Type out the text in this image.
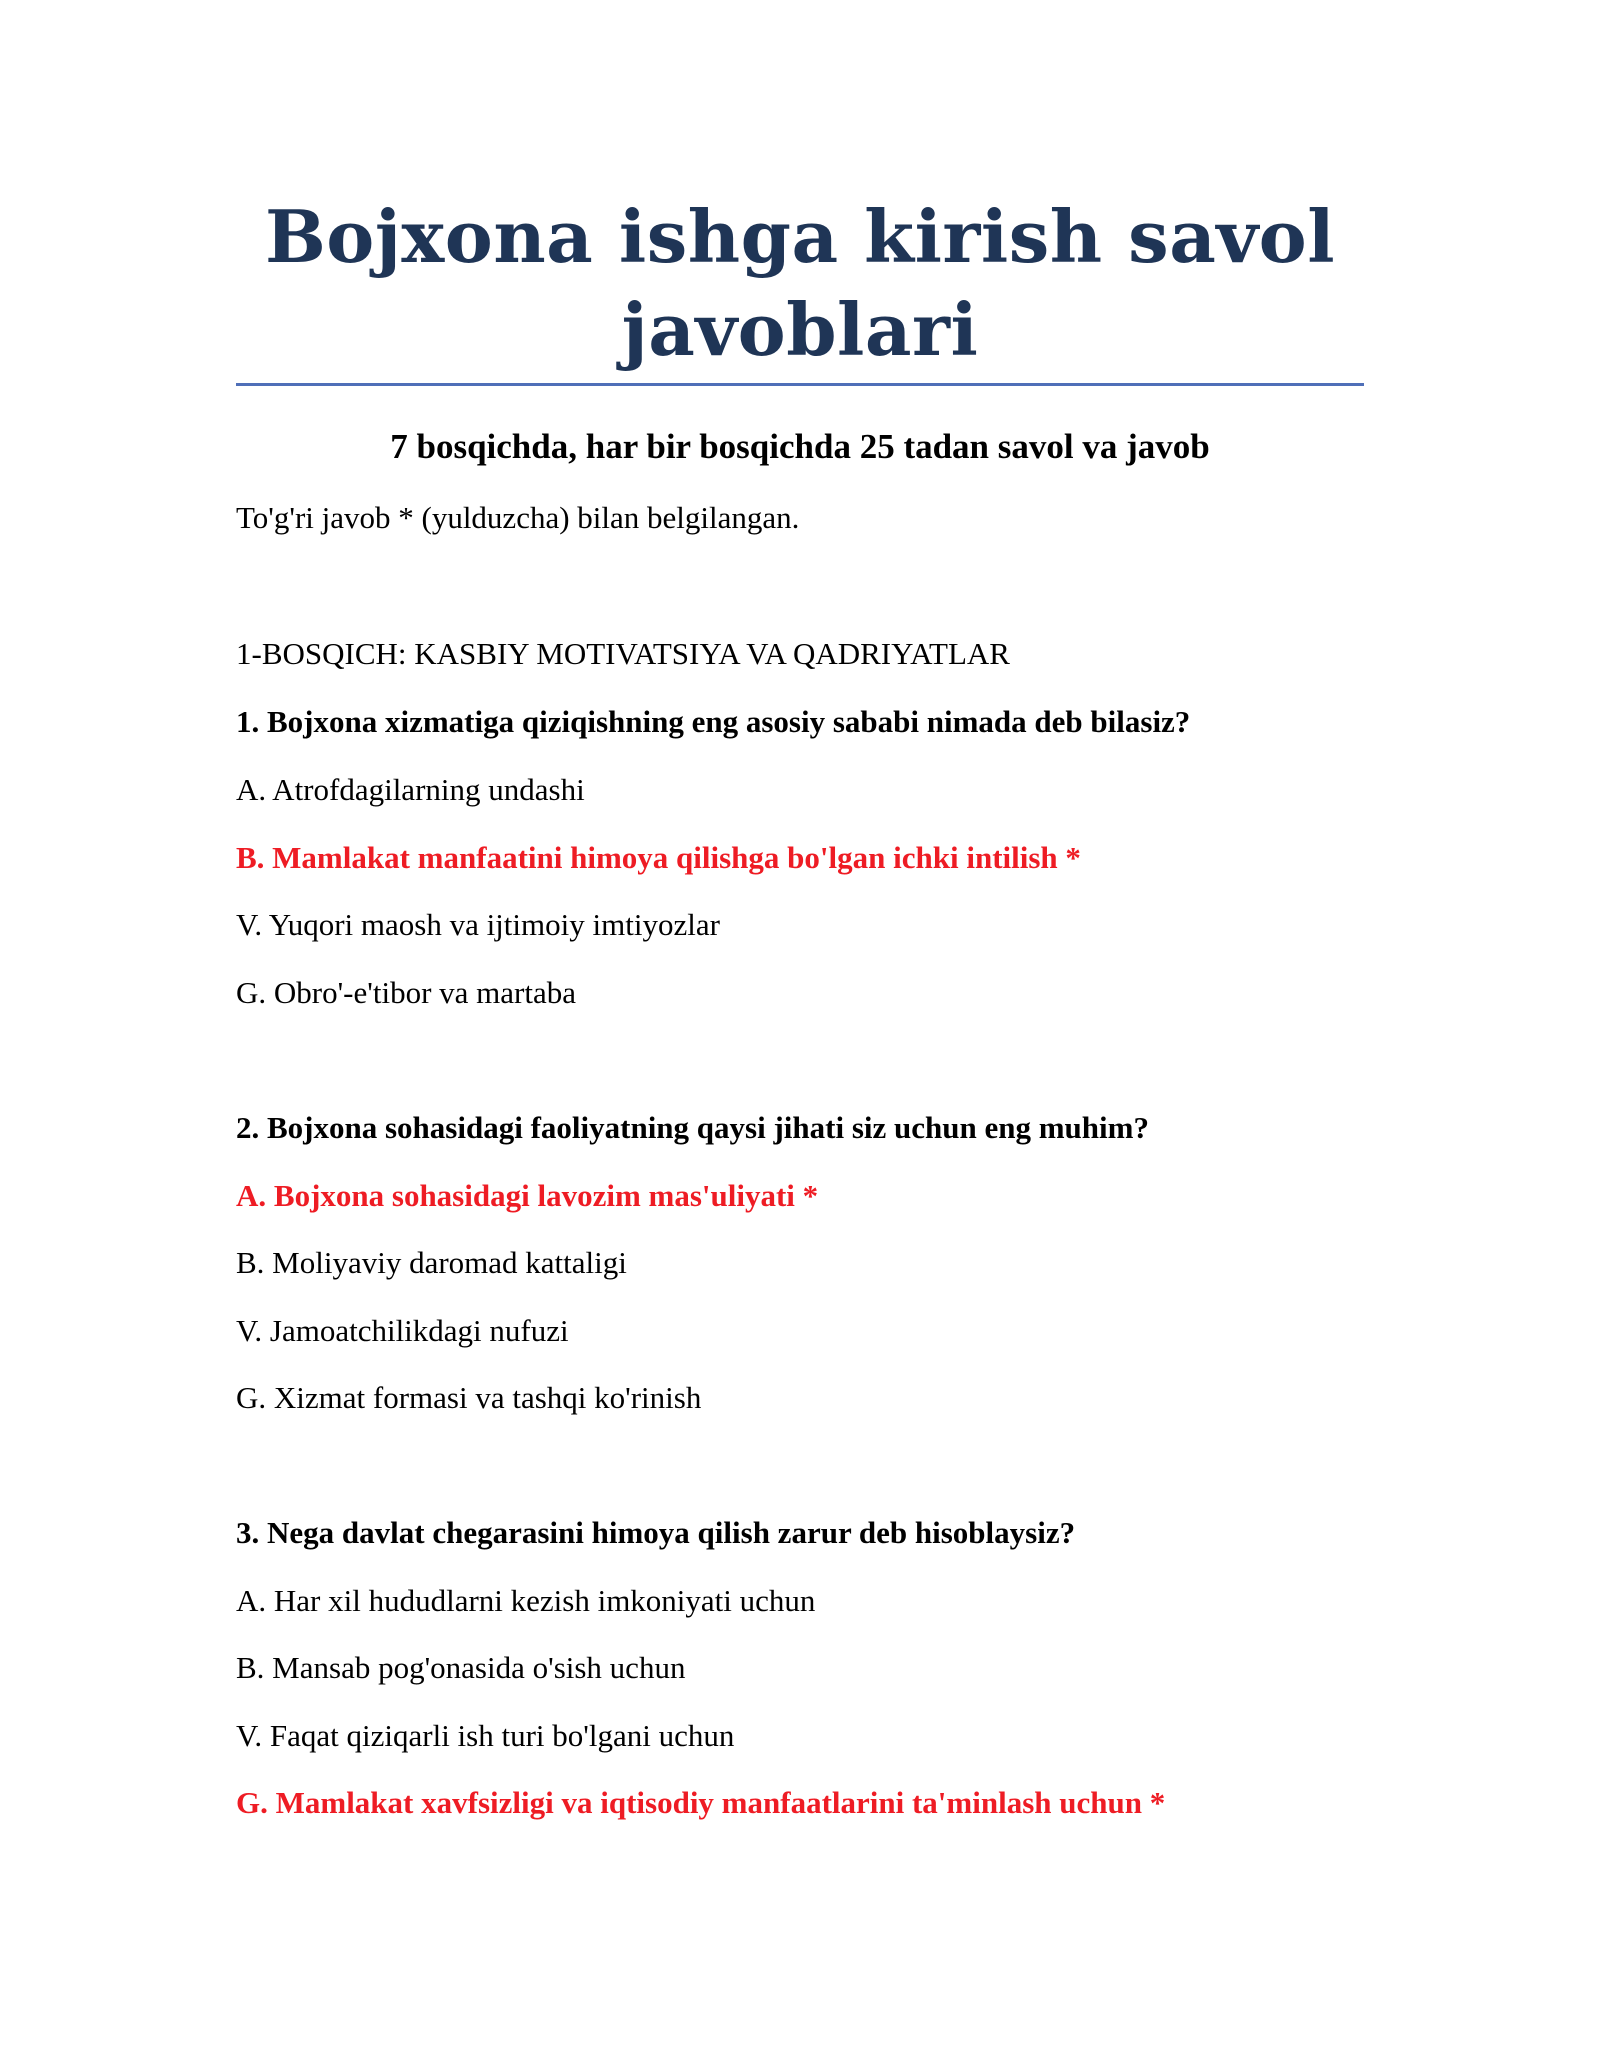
Bojxona ishga kirish savol javoblari
7 bosqichda, har bir bosqichda 25 tadan savol va javob
To'g'ri javob * (yulduzcha) bilan belgilangan.
1-BOSQICH: KASBIY MOTIVATSIYA VA QADRIYATLAR
1. Bojxona xizmatiga qiziqishning eng asosiy sababi nimada deb bilasiz?
A. Atrofdagilarning undashi
B. Mamlakat manfaatini himoya qilishga bo'lgan ichki intilish *
V. Yuqori maosh va ijtimoiy imtiyozlar
G. Obro'-e'tibor va martaba
2. Bojxona sohasidagi faoliyatning qaysi jihati siz uchun eng muhim?
A. Bojxona sohasidagi lavozim mas'uliyati *
B. Moliyaviy daromad kattaligi
V. Jamoatchilikdagi nufuzi
G. Xizmat formasi va tashqi ko'rinish
3. Nega davlat chegarasini himoya qilish zarur deb hisoblaysiz?
A. Har xil hududlarni kezish imkoniyati uchun
B. Mansab pog'onasida o'sish uchun
V. Faqat qiziqarli ish turi bo'lgani uchun
G. Mamlakat xavfsizligi va iqtisodiy manfaatlarini ta'minlash uchun *
